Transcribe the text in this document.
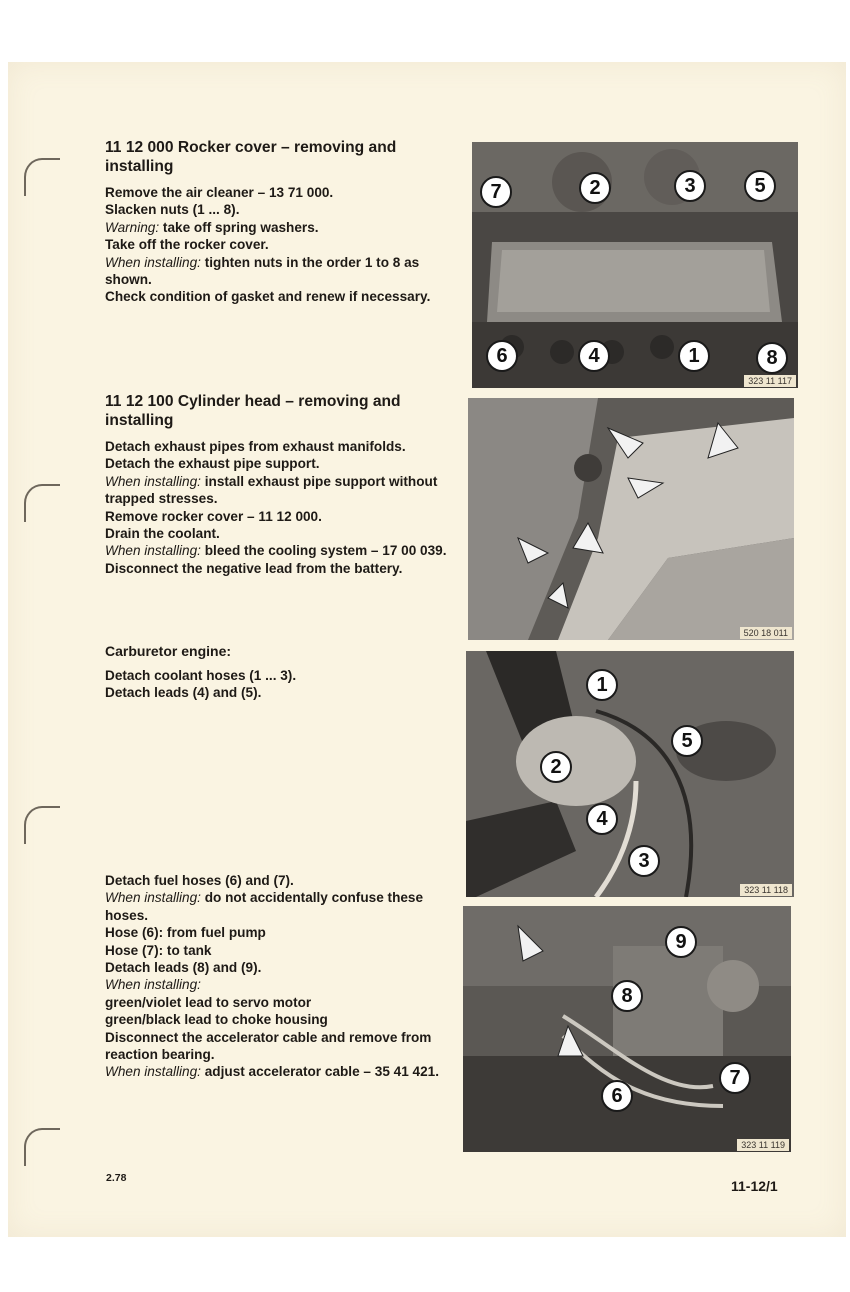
11 12 000 Rocker cover – removing and installing

Remove the air cleaner – 13 71 000.

Slacken nuts (1 ... 8).

Warning: take off spring washers.

Take off the rocker cover.

When installing: tighten nuts in the order 1 to 8 as shown.

Check condition of gasket and renew if necessary.

11 12 100 Cylinder head – removing and installing

Detach exhaust pipes from exhaust manifolds.

Detach the exhaust pipe support.

When installing: install exhaust pipe support without trapped stresses.

Remove rocker cover – 11 12 000.

Drain the coolant.

When installing: bleed the cooling system – 17 00 039.

Disconnect the negative lead from the battery.

Carburetor engine:

Detach coolant hoses (1 ... 3).

Detach leads (4) and (5).

Detach fuel hoses (6) and (7).

When installing: do not accidentally confuse these hoses.

Hose (6): from fuel pump

Hose (7): to tank

Detach leads (8) and (9).

When installing:

green/violet lead to servo motor

green/black lead to choke housing

Disconnect the accelerator cable and remove from reaction bearing.

When installing: adjust accelerator cable – 35 41 421.

7	2	3	5
6	4	1	8
323 11 117
520 18 011
1
5
2
4
3
323 11 118
9
8
7
6
323 11 119
2.78	11-12/1
